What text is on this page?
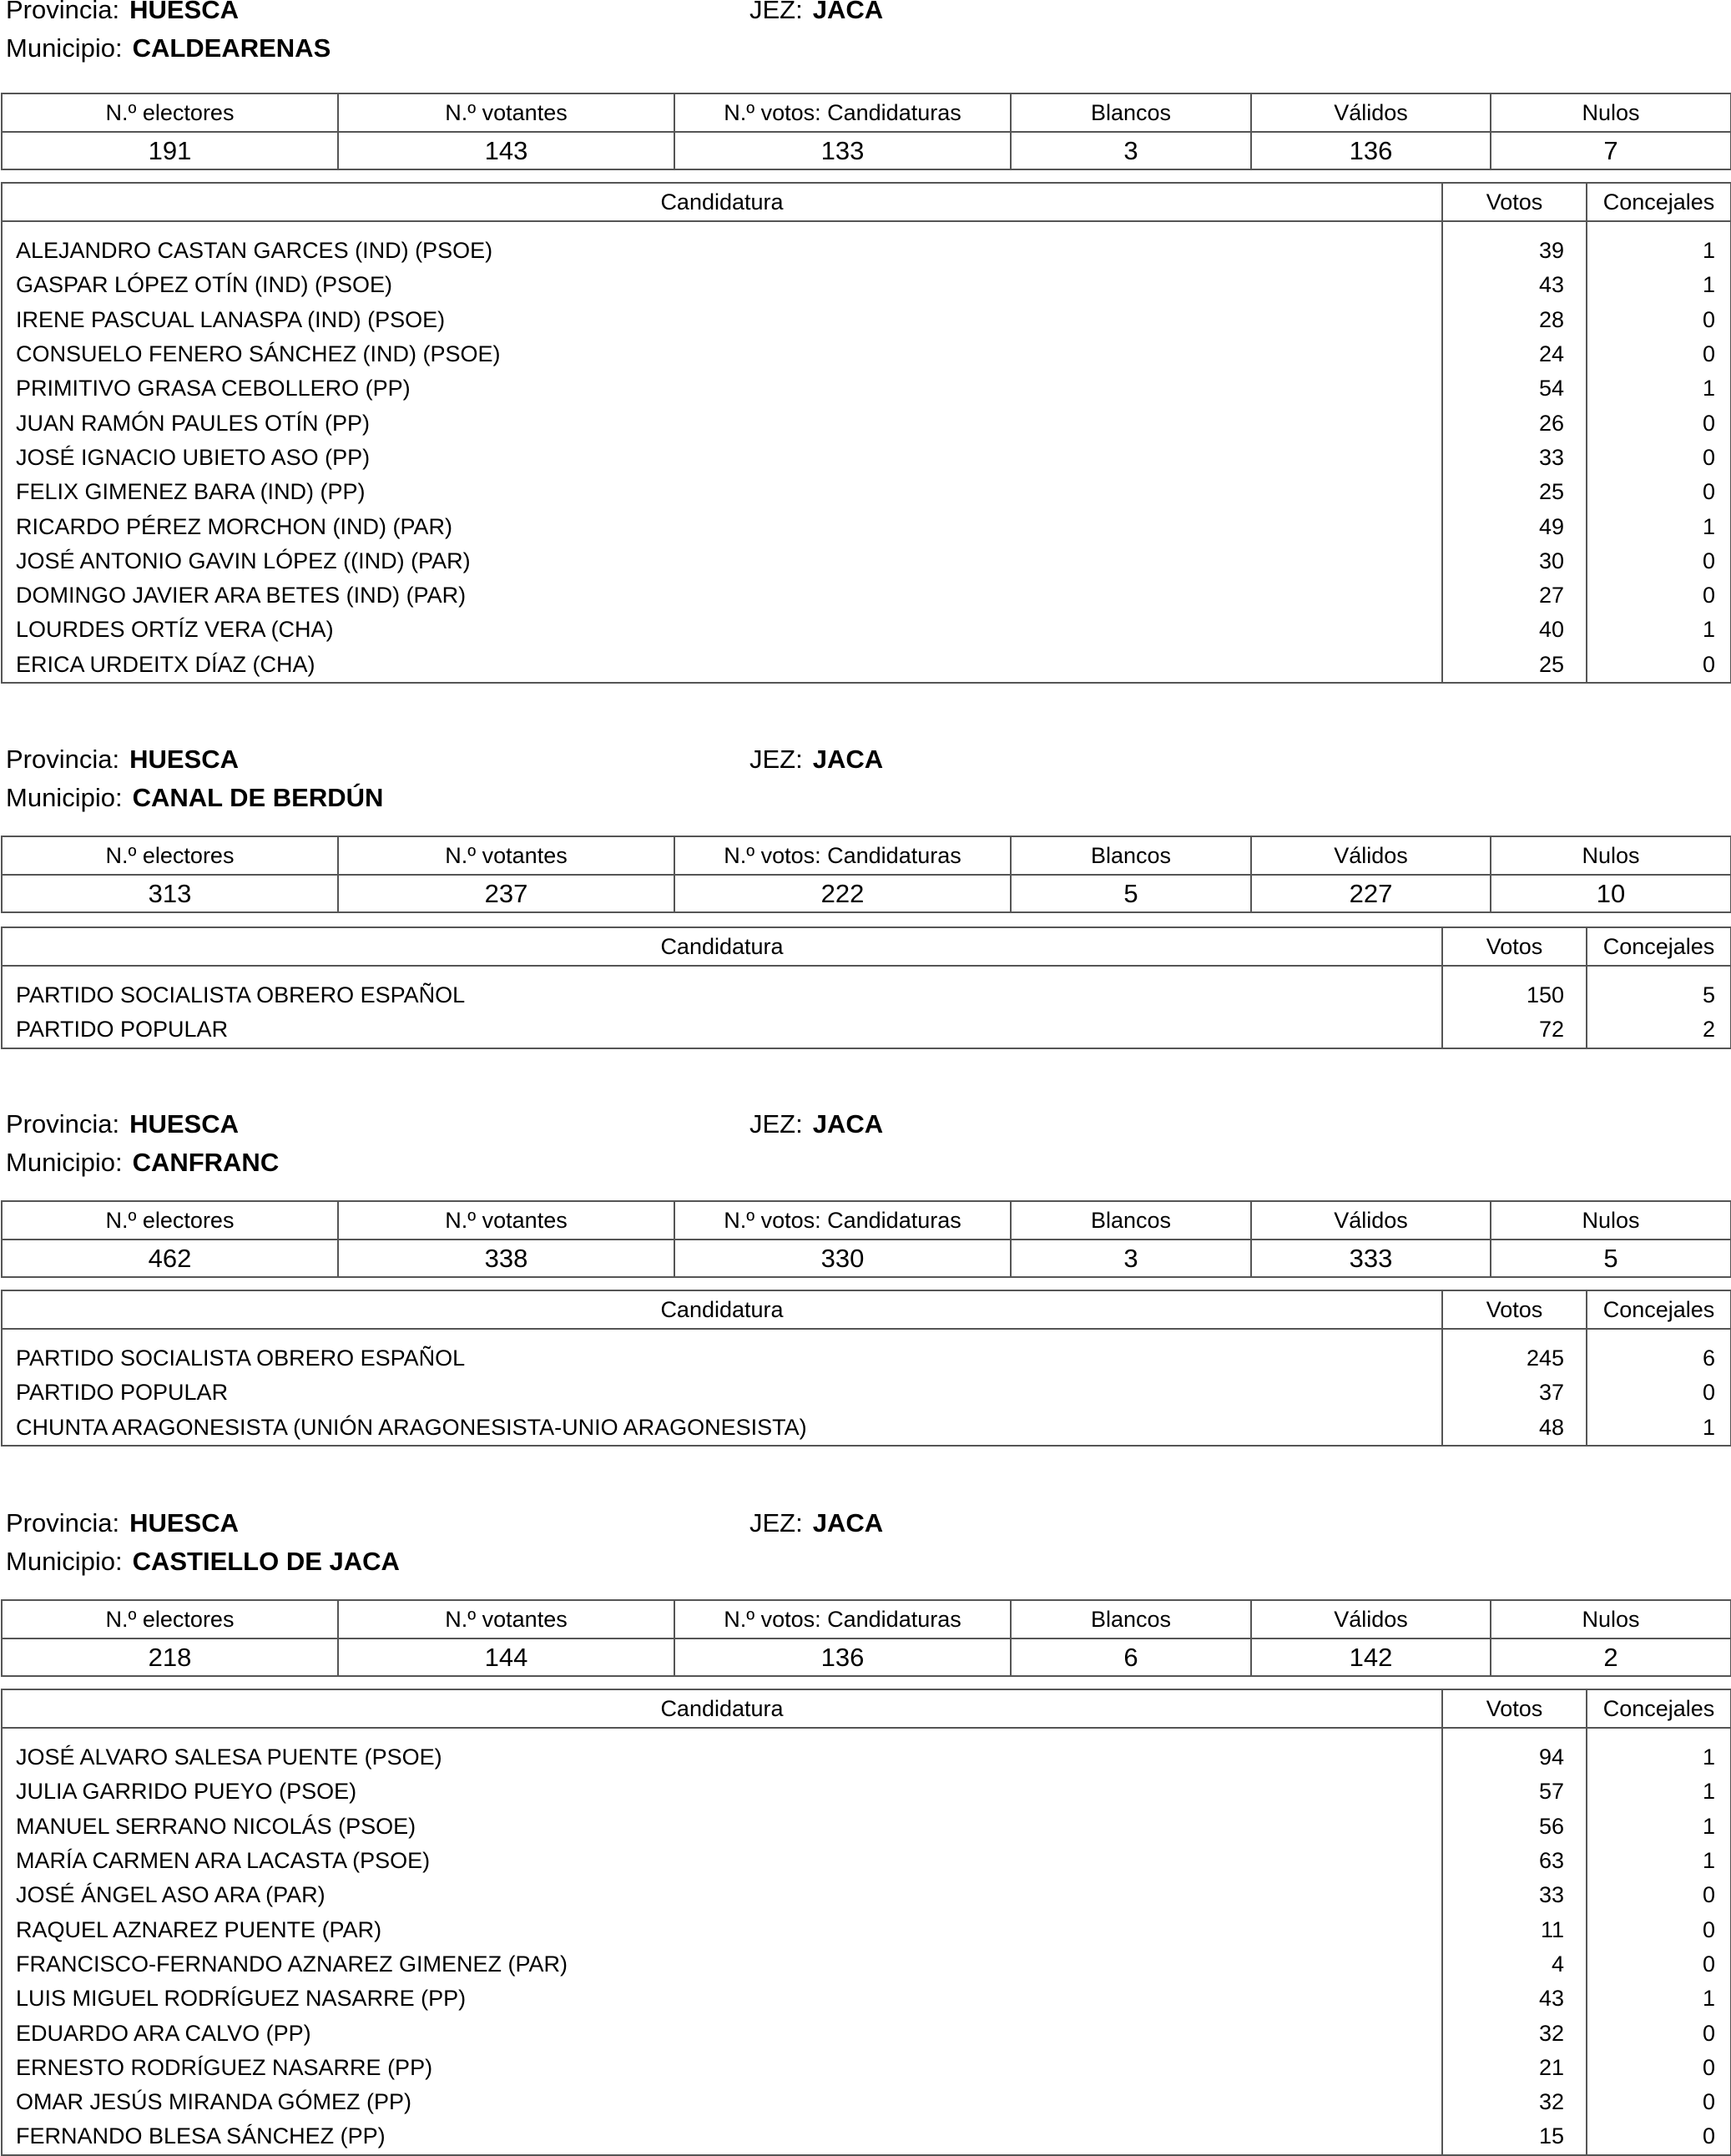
Provincia: HUESCA	JEZ: JACA
Municipio: CALDEARENAS
N.º electores	N.º votantes	N.º votos: Candidaturas	Blancos	Válidos	Nulos
191	143	133	3	136	7
Candidatura	Votos	Concejales

ALEJANDRO CASTAN GARCES (IND) (PSOE)	39	1
GASPAR LÓPEZ OTÍN (IND) (PSOE)	43	1
IRENE PASCUAL LANASPA (IND) (PSOE)	28	0
CONSUELO FENERO SÁNCHEZ (IND) (PSOE)	24	0
PRIMITIVO GRASA CEBOLLERO (PP)	54	1
JUAN RAMÓN PAULES OTÍN (PP)	26	0
JOSÉ IGNACIO UBIETO ASO (PP)	33	0
FELIX GIMENEZ BARA (IND) (PP)	25	0
RICARDO PÉREZ MORCHON (IND) (PAR)	49	1
JOSÉ ANTONIO GAVIN LÓPEZ ((IND) (PAR)	30	0
DOMINGO JAVIER ARA BETES (IND) (PAR)	27	0
LOURDES ORTÍZ VERA (CHA)	40	1
ERICA URDEITX DÍAZ (CHA)	25	0
Provincia: HUESCA	JEZ: JACA
Municipio: CANAL DE BERDÚN
N.º electores	N.º votantes	N.º votos: Candidaturas	Blancos	Válidos	Nulos
313	237	222	5	227	10
Candidatura	Votos	Concejales

PARTIDO SOCIALISTA OBRERO ESPAÑOL	150	5
PARTIDO POPULAR	72	2
Provincia: HUESCA	JEZ: JACA
Municipio: CANFRANC
N.º electores	N.º votantes	N.º votos: Candidaturas	Blancos	Válidos	Nulos
462	338	330	3	333	5
Candidatura	Votos	Concejales

PARTIDO SOCIALISTA OBRERO ESPAÑOL	245	6
PARTIDO POPULAR	37	0
CHUNTA ARAGONESISTA (UNIÓN ARAGONESISTA-UNIO ARAGONESISTA)	48	1
Provincia: HUESCA	JEZ: JACA
Municipio: CASTIELLO DE JACA
N.º electores	N.º votantes	N.º votos: Candidaturas	Blancos	Válidos	Nulos
218	144	136	6	142	2
Candidatura	Votos	Concejales

JOSÉ ALVARO SALESA PUENTE (PSOE)	94	1
JULIA GARRIDO PUEYO (PSOE)	57	1
MANUEL SERRANO NICOLÁS (PSOE)	56	1
MARÍA CARMEN ARA LACASTA (PSOE)	63	1
JOSÉ ÁNGEL ASO ARA (PAR)	33	0
RAQUEL AZNAREZ PUENTE (PAR)	11	0
FRANCISCO-FERNANDO AZNAREZ GIMENEZ (PAR)	4	0
LUIS MIGUEL RODRÍGUEZ NASARRE (PP)	43	1
EDUARDO ARA CALVO (PP)	32	0
ERNESTO RODRÍGUEZ NASARRE (PP)	21	0
OMAR JESÚS MIRANDA GÓMEZ (PP)	32	0
FERNANDO BLESA SÁNCHEZ (PP)	15	0
